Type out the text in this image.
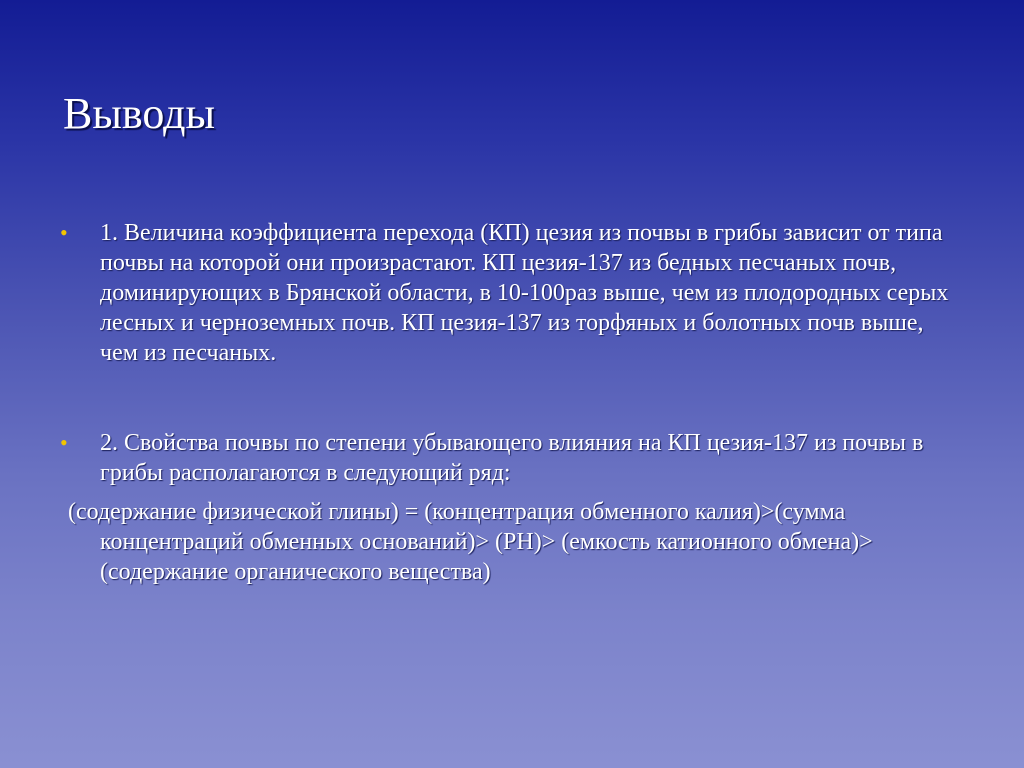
Выводы
• 1. Величина коэффициента перехода (КП) цезия из почвы в грибы зависит от типа почвы на которой они произрастают. КП цезия-137 из бедных песчаных почв, доминирующих в Брянской области, в 10-100раз выше, чем из плодородных серых лесных и черноземных почв. КП цезия-137 из торфяных и болотных почв выше, чем из песчаных.
• 2. Свойства почвы по степени убывающего влияния на КП цезия-137 из почвы в грибы располагаются в следующий ряд:
(содержание физической глины) = (концентрация обменного калия)>(сумма концентраций обменных оснований)> (PH)> (емкость катионного обмена)>(содержание органического вещества)
